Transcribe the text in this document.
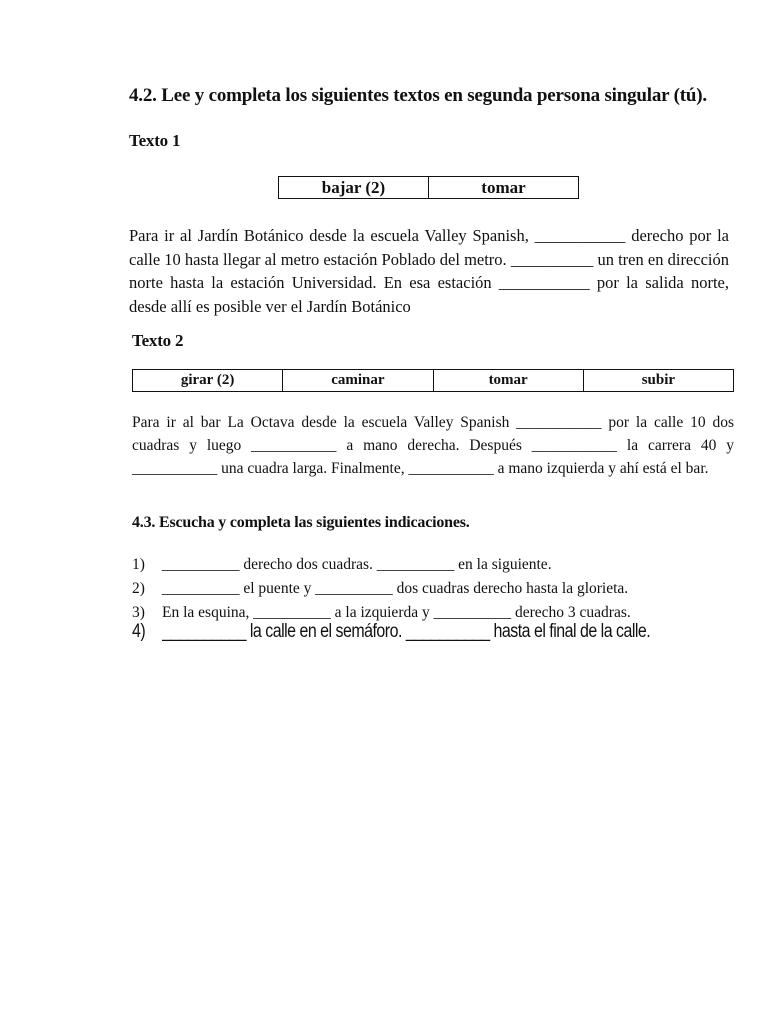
4.2. Lee y completa los siguientes textos en segunda persona singular (tú).
Texto 1
bajar (2)	tomar

Para ir al Jardín Botánico desde la escuela Valley Spanish, ___________ derecho por la calle 10 hasta llegar al metro estación Poblado del metro. __________ un tren en dirección norte hasta la estación Universidad. En esa estación ___________ por la salida norte, desde allí es posible ver el Jardín Botánico

Texto 2
girar (2)	caminar	tomar	subir

Para ir al bar La Octava desde la escuela Valley Spanish ___________ por la calle 10 dos cuadras y luego ___________ a mano derecha. Después ___________ la carrera 40 y ___________ una cuadra larga. Finalmente, ___________ a mano izquierda y ahí está el bar.

4.3. Escucha y completa las siguientes indicaciones.
1) __________ derecho dos cuadras. __________ en la siguiente.
2) __________ el puente y __________ dos cuadras derecho hasta la glorieta.
3) En la esquina, __________ a la izquierda y __________ derecho 3 cuadras.
4) __________ la calle en el semáforo. __________ hasta el final de la calle.
